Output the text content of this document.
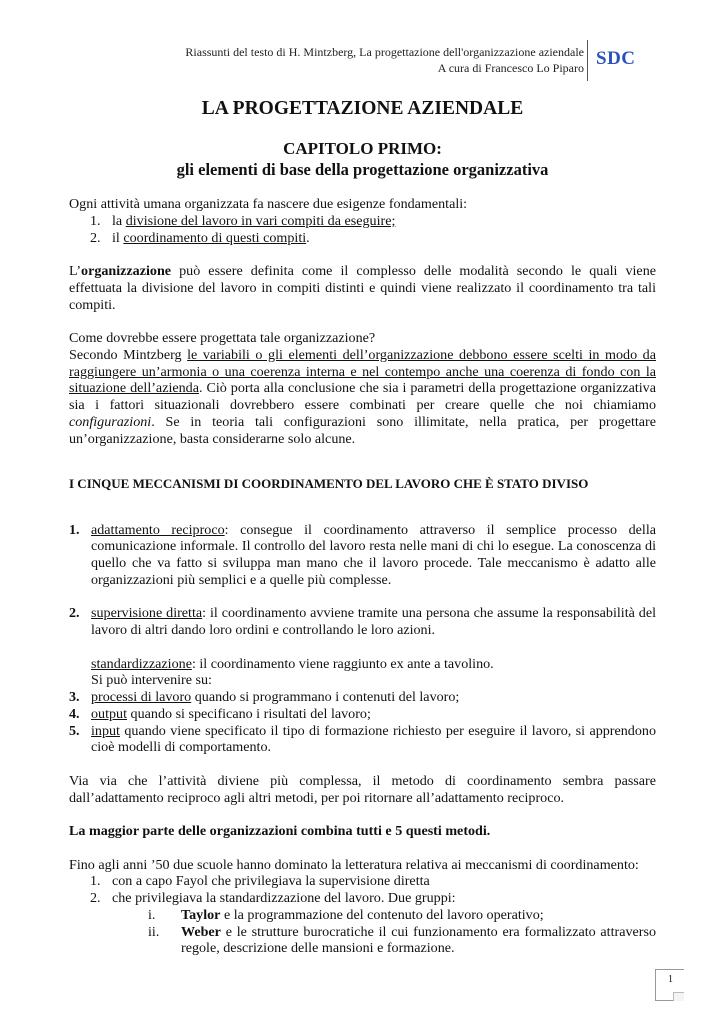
Riassunti del testo di H. Mintzberg, La progettazione dell'organizzazione aziendale
A cura di Francesco Lo Piparo SDC
LA PROGETTAZIONE AZIENDALE
CAPITOLO PRIMO:
gli elementi di base della progettazione organizzativa

Ogni attività umana organizzata fa nascere due esigenze fondamentali:

1. la divisione del lavoro in vari compiti da eseguire;
2. il coordinamento di questi compiti.

L’organizzazione può essere definita come il complesso delle modalità secondo le quali viene effettuata la divisione del lavoro in compiti distinti e quindi viene realizzato il coordinamento tra tali compiti.

Come dovrebbe essere progettata tale organizzazione?

Secondo Mintzberg le variabili o gli elementi dell’organizzazione debbono essere scelti in modo da raggiungere un’armonia o una coerenza interna e nel contempo anche una coerenza di fondo con la situazione dell’azienda. Ciò porta alla conclusione che sia i parametri della progettazione organizzativa sia i fattori situazionali dovrebbero essere combinati per creare quelle che noi chiamiamo configurazioni. Se in teoria tali configurazioni sono illimitate, nella pratica, per progettare un’organizzazione, basta considerarne solo alcune.

I CINQUE MECCANISMI DI COORDINAMENTO DEL LAVORO CHE È STATO DIVISO

1. adattamento reciproco: consegue il coordinamento attraverso il semplice processo della comunicazione informale. Il controllo del lavoro resta nelle mani di chi lo esegue. La conoscenza di quello che va fatto si sviluppa man mano che il lavoro procede. Tale meccanismo è adatto alle organizzazioni più semplici e a quelle più complesse.
2. supervisione diretta: il coordinamento avviene tramite una persona che assume la responsabilità del lavoro di altri dando loro ordini e controllando le loro azioni.
standardizzazione: il coordinamento viene raggiunto ex ante a tavolino.
Si può intervenire su:
3. processi di lavoro quando si programmano i contenuti del lavoro;
4. output quando si specificano i risultati del lavoro;
5. input quando viene specificato il tipo di formazione richiesto per eseguire il lavoro, si apprendono cioè modelli di comportamento.

Via via che l’attività diviene più complessa, il metodo di coordinamento sembra passare dall’adattamento reciproco agli altri metodi, per poi ritornare all’adattamento reciproco.

La maggior parte delle organizzazioni combina tutti e 5 questi metodi.

Fino agli anni ’50 due scuole hanno dominato la letteratura relativa ai meccanismi di coordinamento:

1. con a capo Fayol che privilegiava la supervisione diretta
2. che privilegiava la standardizzazione del lavoro. Due gruppi:
i. Taylor e la programmazione del contenuto del lavoro operativo;
ii. Weber e le strutture burocratiche il cui funzionamento era formalizzato attraverso regole, descrizione delle mansioni e formazione.
1
